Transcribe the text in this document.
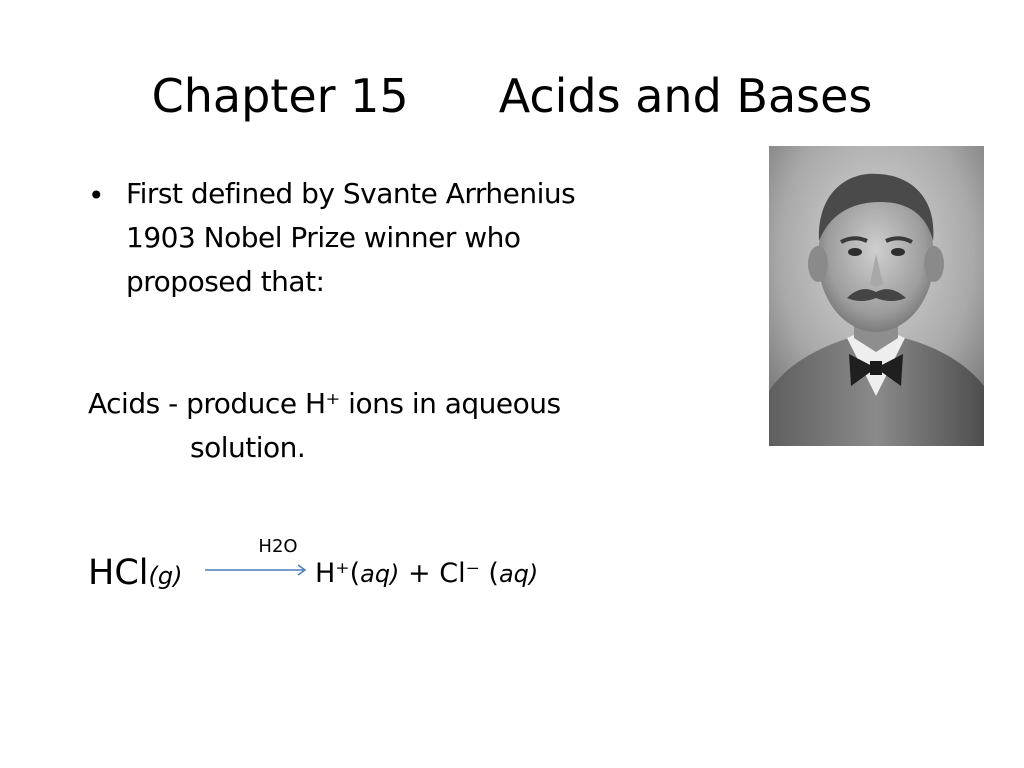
Chapter 15 Acids and Bases
• First defined by Svante Arrhenius
1903 Nobel Prize winner who
proposed that:
Acids - produce H⁺ ions in aqueous
solution.
HCl(g)
H2O
H⁺(aq) + Cl⁻ (aq)
